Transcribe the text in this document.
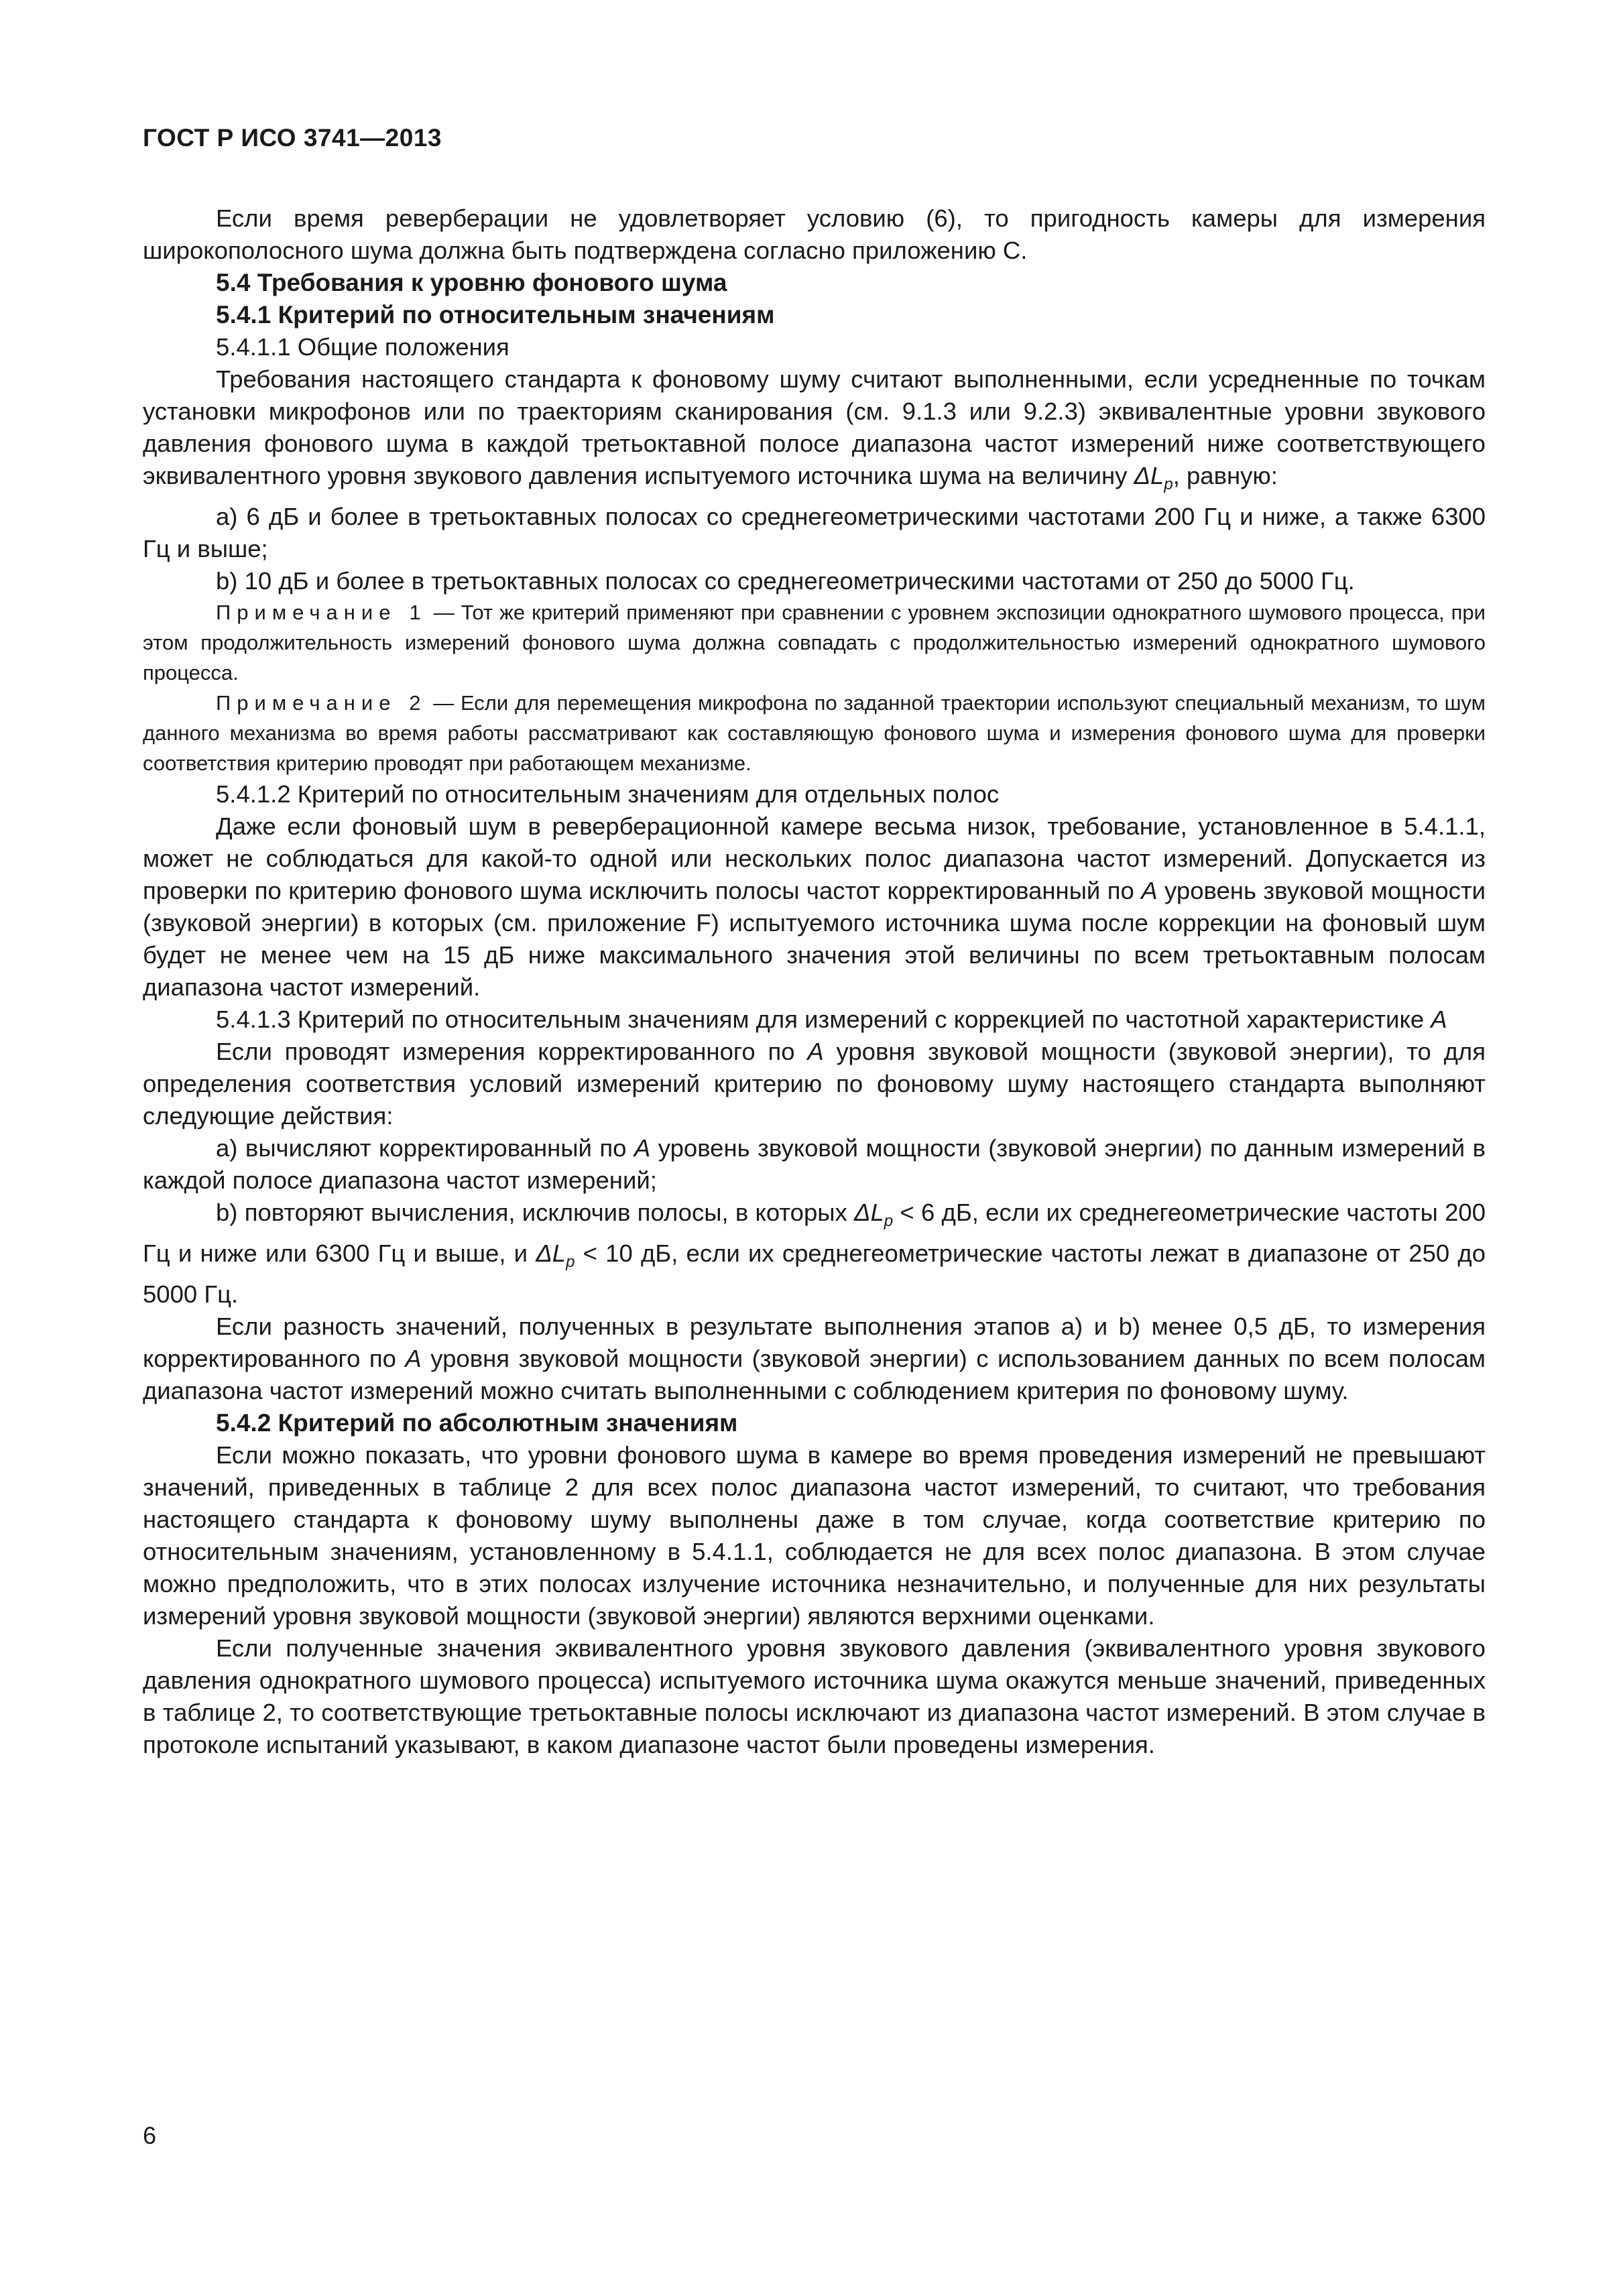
ГОСТ Р ИСО 3741—2013

Если время реверберации не удовлетворяет условию (6), то пригодность камеры для измерения широкополосного шума должна быть подтверждена согласно приложению С.

5.4 Требования к уровню фонового шума
5.4.1 Критерий по относительным значениям

5.4.1.1 Общие положения

Требования настоящего стандарта к фоновому шуму считают выполненными, если усредненные по точкам установки микрофонов или по траекториям сканирования (см. 9.1.3 или 9.2.3) эквивалентные уровни звукового давления фонового шума в каждой третьоктавной полосе диапазона частот измерений ниже соответствующего эквивалентного уровня звукового давления испытуемого источника шума на величину $\Delta L_p$, равную:

а) 6 дБ и более в третьоктавных полосах со среднегеометрическими частотами 200 Гц и ниже, а также 6300 Гц и выше;

b) 10 дБ и более в третьоктавных полосах со среднегеометрическими частотами от 250 до 5000 Гц.

Примечание 1 — Тот же критерий применяют при сравнении с уровнем экспозиции однократного шумового процесса, при этом продолжительность измерений фонового шума должна совпадать с продолжительностью измерений однократного шумового процесса.

Примечание 2 — Если для перемещения микрофона по заданной траектории используют специальный механизм, то шум данного механизма во время работы рассматривают как составляющую фонового шума и измерения фонового шума для проверки соответствия критерию проводят при работающем механизме.

5.4.1.2 Критерий по относительным значениям для отдельных полос

Даже если фоновый шум в реверберационной камере весьма низок, требование, установленное в 5.4.1.1, может не соблюдаться для какой-то одной или нескольких полос диапазона частот измерений. Допускается из проверки по критерию фонового шума исключить полосы частот корректированный по А уровень звуковой мощности (звуковой энергии) в которых (см. приложение F) испытуемого источника шума после коррекции на фоновый шум будет не менее чем на 15 дБ ниже максимального значения этой величины по всем третьоктавным полосам диапазона частот измерений.

5.4.1.3 Критерий по относительным значениям для измерений с коррекцией по частотной характеристике А

Если проводят измерения корректированного по А уровня звуковой мощности (звуковой энергии), то для определения соответствия условий измерений критерию по фоновому шуму настоящего стандарта выполняют следующие действия:

а) вычисляют корректированный по А уровень звуковой мощности (звуковой энергии) по данным измерений в каждой полосе диапазона частот измерений;

b) повторяют вычисления, исключив полосы, в которых $\Delta L_p < 6$ дБ, если их среднегеометрические частоты 200 Гц и ниже или 6300 Гц и выше, и $\Delta L_p < 10$ дБ, если их среднегеометрические частоты лежат в диапазоне от 250 до 5000 Гц.

Если разность значений, полученных в результате выполнения этапов а) и b) менее 0,5 дБ, то измерения корректированного по А уровня звуковой мощности (звуковой энергии) с использованием данных по всем полосам диапазона частот измерений можно считать выполненными с соблюдением критерия по фоновому шуму.

5.4.2 Критерий по абсолютным значениям

Если можно показать, что уровни фонового шума в камере во время проведения измерений не превышают значений, приведенных в таблице 2 для всех полос диапазона частот измерений, то считают, что требования настоящего стандарта к фоновому шуму выполнены даже в том случае, когда соответствие критерию по относительным значениям, установленному в 5.4.1.1, соблюдается не для всех полос диапазона. В этом случае можно предположить, что в этих полосах излучение источника незначительно, и полученные для них результаты измерений уровня звуковой мощности (звуковой энергии) являются верхними оценками.

Если полученные значения эквивалентного уровня звукового давления (эквивалентного уровня звукового давления однократного шумового процесса) испытуемого источника шума окажутся меньше значений, приведенных в таблице 2, то соответствующие третьоктавные полосы исключают из диапазона частот измерений. В этом случае в протоколе испытаний указывают, в каком диапазоне частот были проведены измерения.

6
